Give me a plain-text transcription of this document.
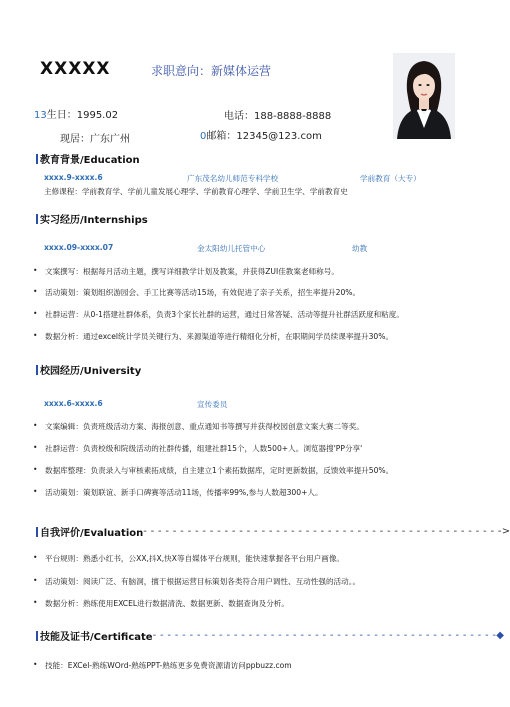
XXXXX	求职意向：新媒体运营
13生日：1995.02	电话：188-8888-8888
现居：广东广州	0邮箱：12345@123.com
教育背景/Education
xxxx.9-xxxx.6	广东茂名幼儿师范专科学校	学前教育（大专）
主修课程：学前教育学、学前儿童发展心理学、学前教育心理学、学前卫生学、学前教育史
实习经历/Internships
xxxx.09-xxxx.07	金太阳幼儿托管中心	幼教
• 文案撰写：根据每月活动主题，撰写详细教学计划及教案，并获得ZUI佳教案老师称号。
• 活动策划：策划组织游园会、手工比赛等活动15场，有效促进了亲子关系，招生率提升20%。
• 社群运营：从0-1搭建社群体系，负责3个家长社群的运营，通过日常答疑、活动等提升社群活跃度和粘度。
• 数据分析：通过excel统计学员关键行为、来源渠道等进行精细化分析，在职期间学员续课率提升30%。
校园经历/University
xxxx.6-xxxx.6	宣传委员
• 文案编辑：负责班级活动方案、海报创意、重点通知书等撰写并获得校园创意文案大赛二等奖。
• 社群运营：负责校级和院级活动的社群传播，组建社群15个，人数500+人。浏览器搜'PP分享'
• 数据库整理：负责录入与审核素拓成绩，自主建立1个素拓数据库，定时更新数据，反馈效率提升50%。
• 活动策划：策划联谊、新手口碑赛等活动11场，传播率99%,参与人数超300+人。
自我评价/Evaluation - - - - - - - - - - - - - - - - - - - - - - - - - - - - - - - - - - - - - - - - - - - - - - - - - >
• 平台规则：熟悉小红书，公XX,抖X,快X等自媒体平台规则，能快速掌握各平台用户画像。
• 活动策划：阅读广泛、有脑洞，擅于根据运营目标策划各类符合用户调性、互动性强的活动。。
• 数据分析：熟练使用EXCEL进行数据清洗、数据更新、数据查询及分析。
技能及证书/Certificate - - - - - - - - - - - - - - - - - - - - - - - - - - - - - - - - - - - - - - - - - - - - - - - ◆
• 技能：EXCel-熟练WOrd-熟练PPT-熟练更多免费资源请访问ppbuzz.com
